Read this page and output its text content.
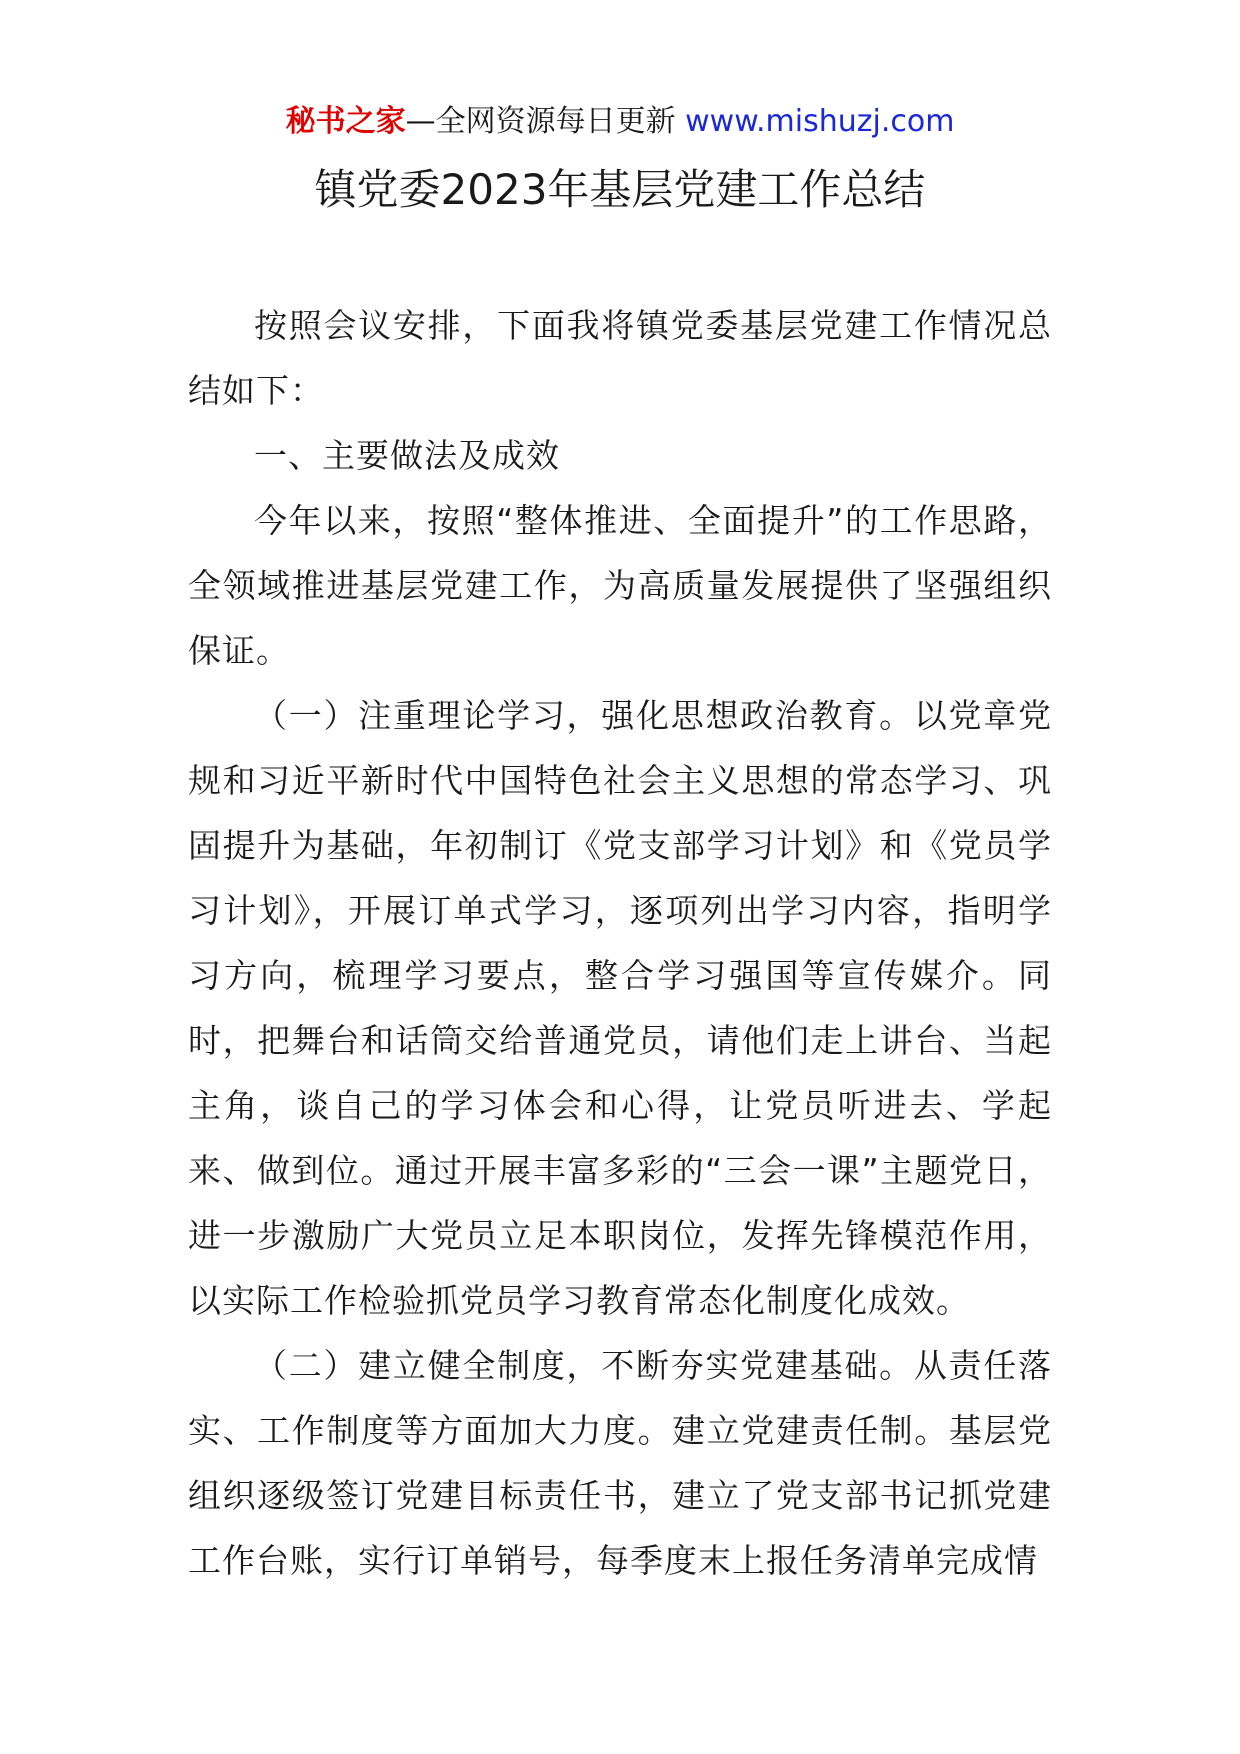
秘书之家—全网资源每日更新 www.mishuzj.com
镇党委2023年基层党建工作总结

按照会议安排，下面我将镇党委基层党建工作情况总结如下：

一、主要做法及成效

今年以来，按照“整体推进、全面提升”的工作思路，全领域推进基层党建工作，为高质量发展提供了坚强组织保证。

（一）注重理论学习，强化思想政治教育。以党章党规和习近平新时代中国特色社会主义思想的常态学习、巩固提升为基础，年初制订《党支部学习计划》和《党员学习计划》，开展订单式学习，逐项列出学习内容，指明学习方向，梳理学习要点，整合学习强国等宣传媒介。同时，把舞台和话筒交给普通党员，请他们走上讲台、当起主角，谈自己的学习体会和心得，让党员听进去、学起来、做到位。通过开展丰富多彩的“三会一课”主题党日，进一步激励广大党员立足本职岗位，发挥先锋模范作用，以实际工作检验抓党员学习教育常态化制度化成效。

（二）建立健全制度，不断夯实党建基础。从责任落实、工作制度等方面加大力度。建立党建责任制。基层党组织逐级签订党建目标责任书，建立了党支部书记抓党建工作台账，实行订单销号，每季度末上报任务清单完成情
